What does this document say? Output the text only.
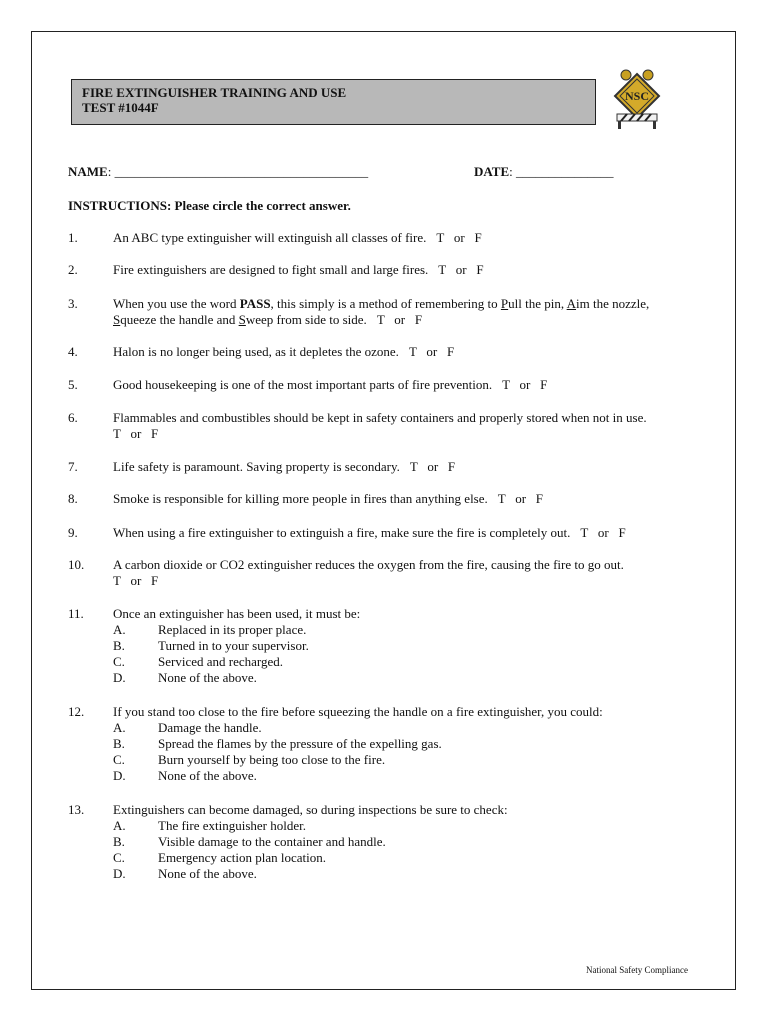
FIRE EXTINGUISHER TRAINING AND USE
TEST #1044F
NSC
NAME: _______________________________________	DATE: _______________
INSTRUCTIONS: Please circle the correct answer.
1.	An ABC type extinguisher will extinguish all classes of fire. T   or   F
2.	Fire extinguishers are designed to fight small and large fires. T   or   F
3.	When you use the word PASS, this simply is a method of remembering to Pull the pin, Aim the nozzle,
Squeeze the handle and Sweep from side to side. T   or   F
4.	Halon is no longer being used, as it depletes the ozone. T   or   F
5.	Good housekeeping is one of the most important parts of fire prevention. T   or   F
6.	Flammables and combustibles should be kept in safety containers and properly stored when not in use.
T   or   F
7.	Life safety is paramount. Saving property is secondary. T   or   F
8.	Smoke is responsible for killing more people in fires than anything else. T   or   F
9.	When using a fire extinguisher to extinguish a fire, make sure the fire is completely out. T   or   F
10. A carbon dioxide or CO2 extinguisher reduces the oxygen from the fire, causing the fire to go out.
T   or   F
11. Once an extinguisher has been used, it must be:
A. Replaced in its proper place.
B.	Turned in to your supervisor.
C.	Serviced and recharged.
D. None of the above.
12. If you stand too close to the fire before squeezing the handle on a fire extinguisher, you could:
A. Damage the handle.
B.	Spread the flames by the pressure of the expelling gas.
C.	Burn yourself by being too close to the fire.
D. None of the above.
13. Extinguishers can become damaged, so during inspections be sure to check:
A. The fire extinguisher holder.
B.	Visible damage to the container and handle.
C.	Emergency action plan location.
D. None of the above.
National Safety Compliance
